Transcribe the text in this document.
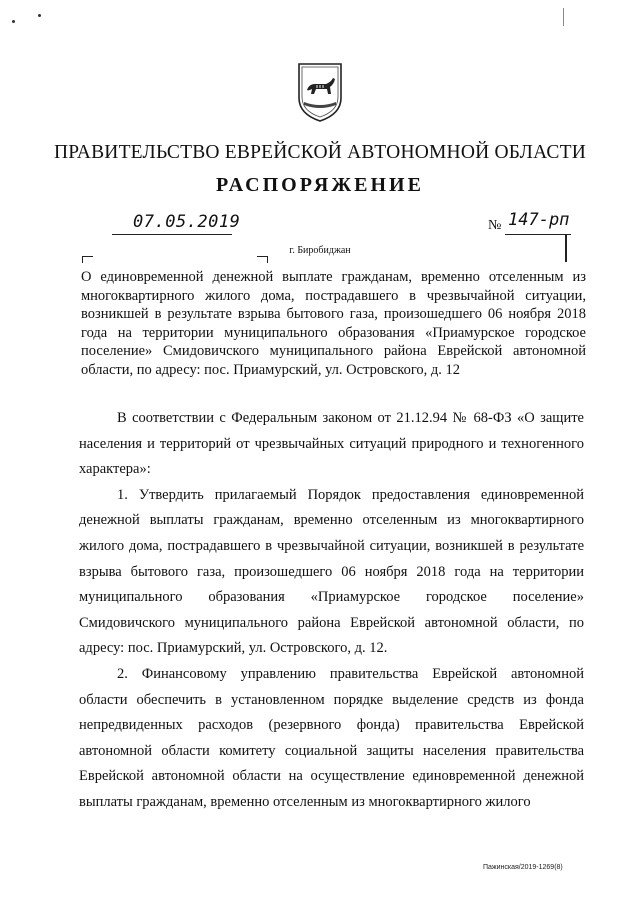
ПРАВИТЕЛЬСТВО ЕВРЕЙСКОЙ АВТОНОМНОЙ ОБЛАСТИ
РАСПОРЯЖЕНИЕ
07.05.2019	№ 147-рп
г. Биробиджан
О единовременной денежной выплате гражданам, временно отселенным из многоквартирного жилого дома, пострадавшего в чрезвычайной ситуации, возникшей в результате взрыва бытового газа, произошедшего 06 ноября 2018 года на территории муниципального образования «Приамурское городское поселение» Смидовичского муниципального района Еврейской автономной области, по адресу: пос. Приамурский, ул. Островского, д. 12

В соответствии с Федеральным законом от 21.12.94 № 68-ФЗ «О защите населения и территорий от чрезвычайных ситуаций природного и техногенного характера»:

1. Утвердить прилагаемый Порядок предоставления единовременной денежной выплаты гражданам, временно отселенным из многоквартирного жилого дома, пострадавшего в чрезвычайной ситуации, возникшей в результате взрыва бытового газа, произошедшего 06 ноября 2018 года на территории муниципального образования «Приамурское городское поселение» Смидовичского муниципального района Еврейской автономной области, по адресу: пос. Приамурский, ул. Островского, д. 12.

2. Финансовому управлению правительства Еврейской автономной области обеспечить в установленном порядке выделение средств из фонда непредвиденных расходов (резервного фонда) правительства Еврейской автономной области комитету социальной защиты населения правительства Еврейской автономной области на осуществление единовременной денежной выплаты гражданам, временно отселенным из многоквартирного жилого

Пажинская/2019-1269(8)
